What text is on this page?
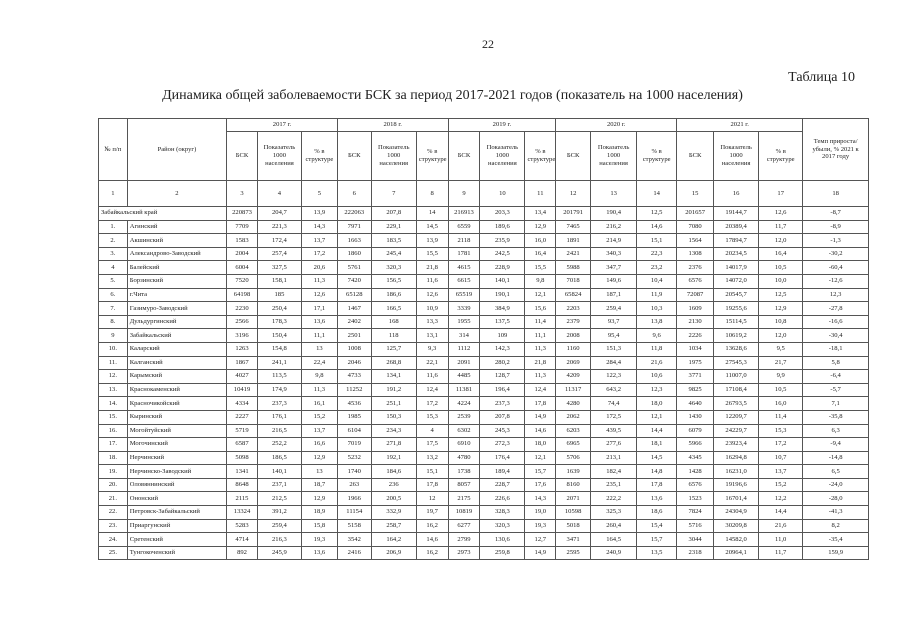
22
Таблица 10
Динамика общей заболеваемости БСК за период 2017-2021 годов (показатель на 1000 населения)
№ п/п	Район (округ)	2017 г.			2018 г.			2019 г.			2020 г.			2021 г.			Темп прироста/ убыли, % 2021 к 2017 году
		БСК	Показатель 1000 населения	% в структуре	БСК	Показатель 1000 населения	% в структуре	БСК	Показатель 1000 населения	% в структуре	БСК	Показатель 1000 населения	% в структуре	БСК	Показатель 1000 населения	% в структуре	
1	2	3	4	5	6	7	8	9	10	11	12	13	14	15	16	17	18
Забайкальский край		220873	204,7	13,9	222063	207,8	14	216913	203,3	13,4	201791	190,4	12,5	201657	19144,7	12,6	-8,7
1.	Агинский	7709	221,3	14,3	7971	229,1	14,5	6559	189,6	12,9	7465	216,2	14,6	7080	20389,4	11,7	-8,9
2.	Акшинский	1583	172,4	13,7	1663	183,5	13,9	2118	235,9	16,0	1891	214,9	15,1	1564	17894,7	12,0	-1,3
3.	Александрово-Заводский	2004	257,4	17,2	1860	245,4	15,5	1781	242,5	16,4	2421	340,3	22,3	1308	20234,5	16,4	-30,2
4	Балейский	6004	327,5	20,6	5761	320,3	21,8	4615	228,9	15,5	5988	347,7	23,2	2376	14017,9	10,5	-60,4
5.	Борзинский	7520	158,1	11,3	7420	156,5	11,6	6615	140,1	9,8	7018	149,6	10,4	6576	14072,0	10,0	-12,6
6.	г.Чита	64198	185	12,6	65128	186,6	12,6	65519	190,1	12,1	65824	187,1	11,9	72087	20545,7	12,5	12,3
7.	Газимуро-Заводский	2230	250,4	17,1	1467	166,5	10,9	3339	384,9	15,6	2203	259,4	10,3	1609	19255,6	12,9	-27,8
8.	Дульдургинский	2566	178,3	13,6	2402	168	13,3	1955	137,5	11,4	2379	93,7	13,8	2130	15114,5	10,8	-16,6
9	Забайкальский	3196	150,4	11,1	2501	118	13,1	314	109	11,1	2008	95,4	9,6	2226	10619,2	12,0	-30,4
10.	Каларский	1263	154,8	13	1008	125,7	9,3	1112	142,3	11,3	1160	151,3	11,8	1034	13628,6	9,5	-18,1
11.	Калганский	1867	241,1	22,4	2046	268,8	22,1	2091	280,2	21,8	2069	284,4	21,6	1975	27545,3	21,7	5,8
12.	Карымский	4027	113,5	9,8	4733	134,1	11,6	4485	128,7	11,3	4209	122,3	10,6	3771	11007,0	9,9	-6,4
13.	Краснокаменский	10419	174,9	11,3	11252	191,2	12,4	11381	196,4	12,4	11317	643,2	12,3	9825	17108,4	10,5	-5,7
14.	Красночикойский	4334	237,3	16,1	4536	251,1	17,2	4224	237,3	17,8	4280	74,4	18,0	4640	26793,5	16,0	7,1
15.	Кыринский	2227	176,1	15,2	1985	150,3	15,3	2539	207,8	14,9	2062	172,5	12,1	1430	12209,7	11,4	-35,8
16.	Могойтуйский	5719	216,5	13,7	6104	234,3	4	6302	245,3	14,6	6203	439,5	14,4	6079	24229,7	15,3	6,3
17.	Могочинский	6587	252,2	16,6	7019	271,8	17,5	6910	272,3	18,0	6965	277,6	18,1	5966	23923,4	17,2	-9,4
18.	Нерчинский	5098	186,5	12,9	5232	192,1	13,2	4780	176,4	12,1	5706	213,1	14,5	4345	16294,8	10,7	-14,8
19.	Нерчинско-Заводский	1341	140,1	13	1740	184,6	15,1	1738	189,4	15,7	1639	182,4	14,8	1428	16231,0	13,7	6,5
20.	Оловяннинский	8648	237,1	18,7	263	236	17,8	8057	228,7	17,6	8160	235,1	17,8	6576	19196,6	15,2	-24,0
21.	Ононский	2115	212,5	12,9	1966	200,5	12	2175	226,6	14,3	2071	222,2	13,6	1523	16701,4	12,2	-28,0
22.	Петровск-Забайкальский	13324	391,2	18,9	11154	332,9	19,7	10819	328,3	19,0	10598	325,3	18,6	7824	24304,9	14,4	-41,3
23.	Приаргунский	5283	259,4	15,8	5158	258,7	16,2	6277	320,3	19,3	5018	260,4	15,4	5716	30209,8	21,6	8,2
24.	Сретенский	4714	216,3	19,3	3542	164,2	14,6	2799	130,6	12,7	3471	164,5	15,7	3044	14582,0	11,0	-35,4
25.	Тунгокоченский	892	245,9	13,6	2416	206,9	16,2	2973	259,8	14,9	2595	240,9	13,5	2318	20964,1	11,7	159,9
